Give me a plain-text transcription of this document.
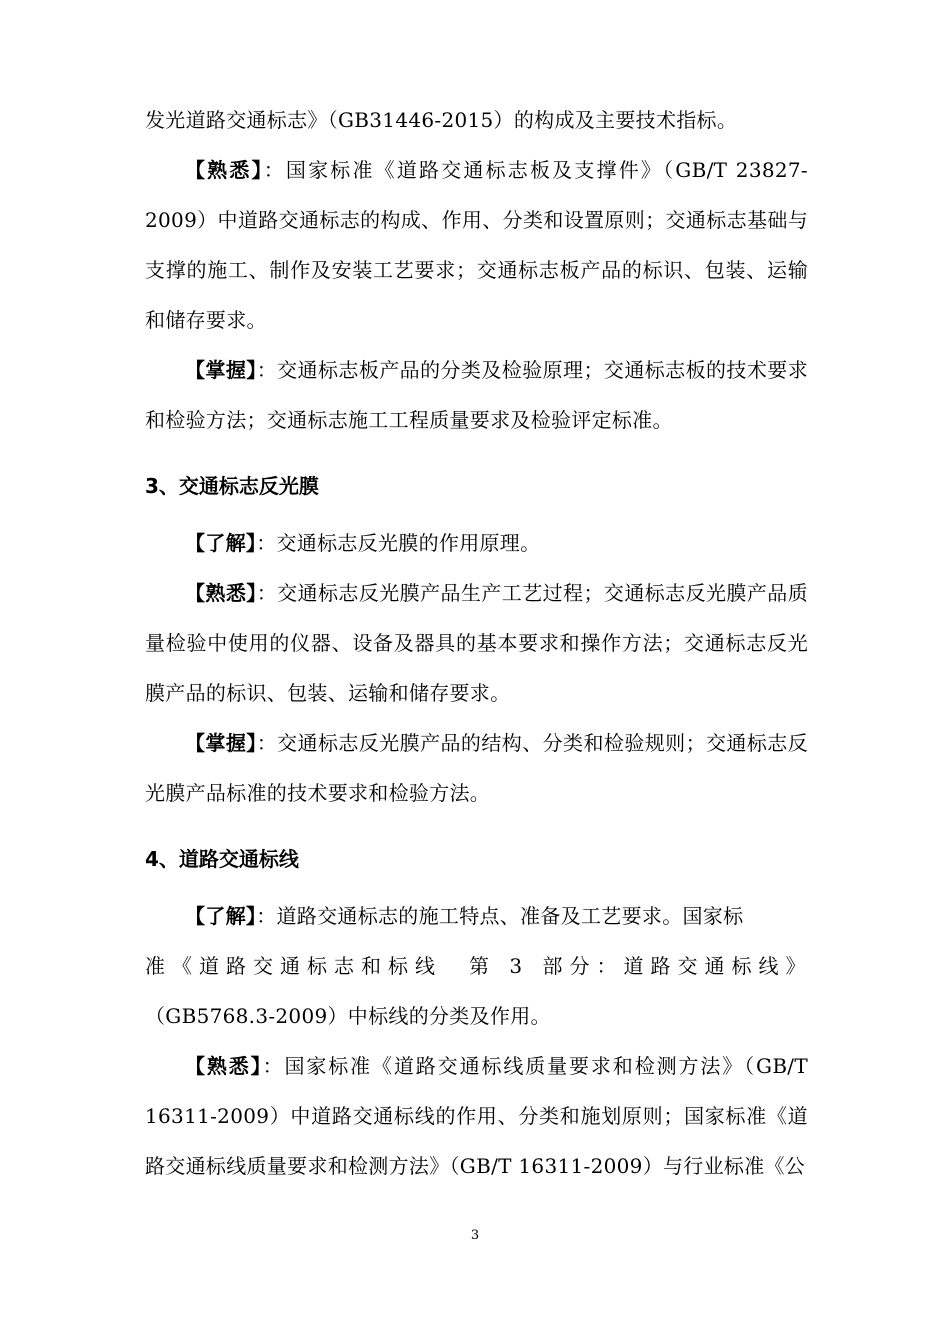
发光道路交通标志》（GB31446-2015）的构成及主要技术指标。

【熟悉】：国家标准《道路交通标志板及支撑件》（GB/T 23827-2009）中道路交通标志的构成、作用、分类和设置原则；交通标志基础与支撑的施工、制作及安装工艺要求；交通标志板产品的标识、包装、运输和储存要求。

【掌握】：交通标志板产品的分类及检验原理；交通标志板的技术要求和检验方法；交通标志施工工程质量要求及检验评定标准。

3、交通标志反光膜

【了解】：交通标志反光膜的作用原理。

【熟悉】：交通标志反光膜产品生产工艺过程；交通标志反光膜产品质量检验中使用的仪器、设备及器具的基本要求和操作方法；交通标志反光膜产品的标识、包装、运输和储存要求。

【掌握】：交通标志反光膜产品的结构、分类和检验规则；交通标志反光膜产品标准的技术要求和检验方法。

4、道路交通标线

【了解】：道路交通标志的施工特点、准备及工艺要求。国家标

准《道路交通标志和标线　第 3 部分：道路交通标线》

（GB5768.3-2009）中标线的分类及作用。

【熟悉】：国家标准《道路交通标线质量要求和检测方法》（GB/T 16311-2009）中道路交通标线的作用、分类和施划原则；国家标准《道路交通标线质量要求和检测方法》（GB/T 16311-2009）与行业标准《公

3
